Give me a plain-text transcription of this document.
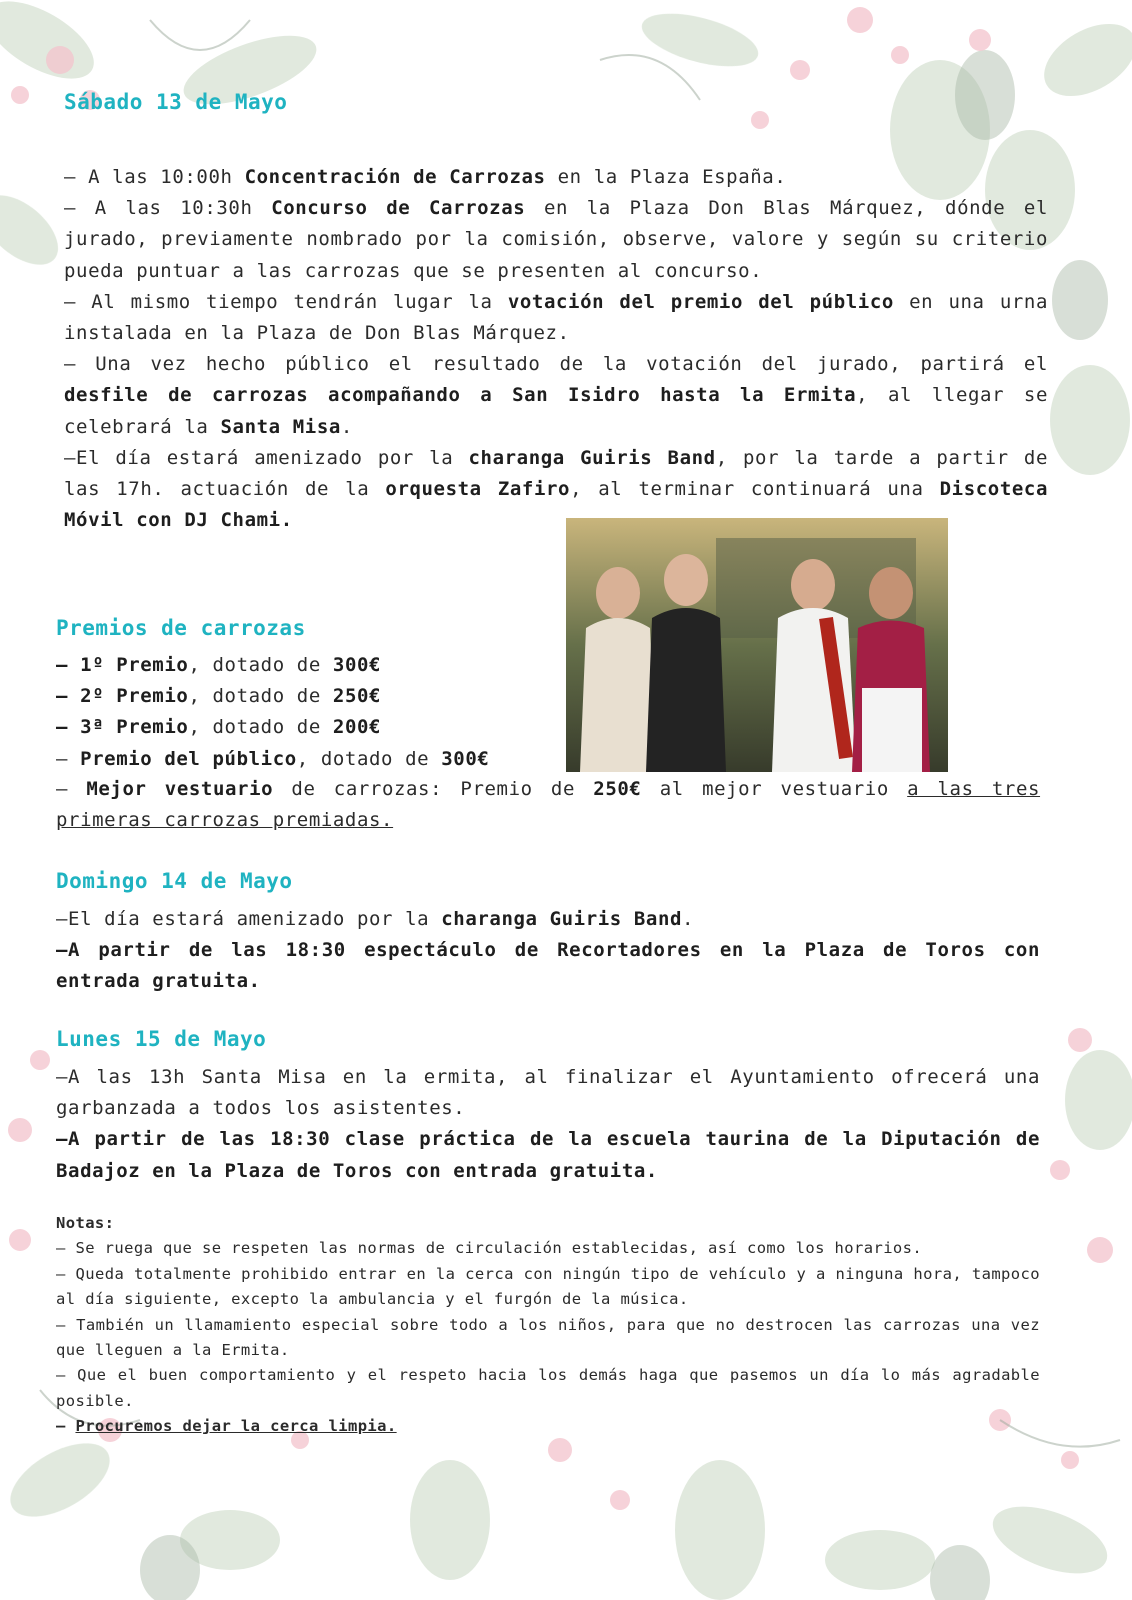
Sábado 13 de Mayo

– A las 10:00h Concentración de Carrozas en la Plaza España.

– A las 10:30h Concurso de Carrozas en la Plaza Don Blas Márquez, dónde el jurado, previamente nombrado por la comisión, observe, valore y según su criterio pueda puntuar a las carrozas que se presenten al concurso.

– Al mismo tiempo tendrán lugar la votación del premio del público en una urna instalada en la Plaza de Don Blas Márquez.

– Una vez hecho público el resultado de la votación del jurado, partirá el desfile de carrozas acompañando a San Isidro hasta la Ermita, al llegar se celebrará la Santa Misa.

–El día estará amenizado por la charanga Guiris Band, por la tarde a partir de las 17h. actuación de la orquesta Zafiro, al terminar continuará una Discoteca Móvil con DJ Chami.

Premios de carrozas

– 1º Premio, dotado de 300€

– 2º Premio, dotado de 250€

– 3ª Premio, dotado de 200€

– Premio del público, dotado de 300€

– Mejor vestuario de carrozas: Premio de 250€ al mejor vestuario a las tres primeras carrozas premiadas.

Domingo 14 de Mayo

–El día estará amenizado por la charanga Guiris Band.

–A partir de las 18:30 espectáculo de Recortadores en la Plaza de Toros con entrada gratuita.

Lunes 15 de Mayo

–A las 13h Santa Misa en la ermita, al finalizar el Ayuntamiento ofrecerá una garbanzada a todos los asistentes.

–A partir de las 18:30 clase práctica de la escuela taurina de la Diputación de Badajoz en la Plaza de Toros con entrada gratuita.

Notas:

– Se ruega que se respeten las normas de circulación establecidas, así como los horarios.

– Queda totalmente prohibido entrar en la cerca con ningún tipo de vehículo y a ninguna hora, tampoco al día siguiente, excepto la ambulancia y el furgón de la música.

– También un llamamiento especial sobre todo a los niños, para que no destrocen las carrozas una vez que lleguen a la Ermita.

– Que el buen comportamiento y el respeto hacia los demás haga que pasemos un día lo más agradable posible.

– Procuremos dejar la cerca limpia.
